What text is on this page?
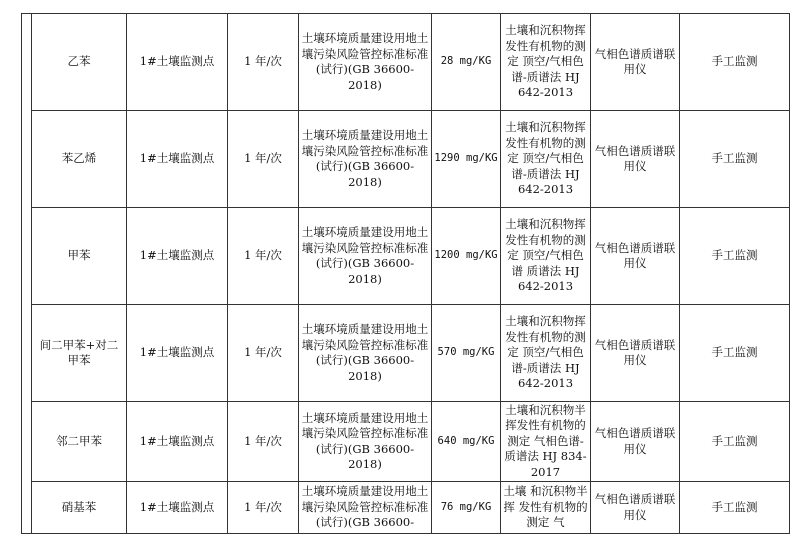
	乙苯	1#土壤监测点	1 年/次	土壤环境质量建设用地土壤污染风险管控标准标准(试行)(GB 36600-2018)	28 mg/KG	土壤和沉积物挥发性有机物的测定 顶空/气相色谱-质谱法 HJ 642-2013	气相色谱质谱联用仪	手工监测
	苯乙烯	1#土壤监测点	1 年/次	土壤环境质量建设用地土壤污染风险管控标准标准(试行)(GB 36600-2018)	1290 mg/KG	土壤和沉积物挥发性有机物的测定 顶空/气相色谱-质谱法 HJ 642-2013	气相色谱质谱联用仪	手工监测
	甲苯	1#土壤监测点	1 年/次	土壤环境质量建设用地土壤污染风险管控标准标准(试行)(GB 36600-2018)	1200 mg/KG	土壤和沉积物挥发性有机物的测定 顶空/气相色谱 质谱法 HJ 642-2013	气相色谱质谱联用仪	手工监测
	间二甲苯+对二甲苯	1#土壤监测点	1 年/次	土壤环境质量建设用地土壤污染风险管控标准标准(试行)(GB 36600-2018)	570 mg/KG	土壤和沉积物挥发性有机物的测定 顶空/气相色谱-质谱法 HJ 642-2013	气相色谱质谱联用仪	手工监测
	邻二甲苯	1#土壤监测点	1 年/次	土壤环境质量建设用地土壤污染风险管控标准标准(试行)(GB 36600-2018)	640 mg/KG	土壤和沉积物半挥发性有机物的测定 气相色谱-质谱法 HJ 834-2017	气相色谱质谱联用仪	手工监测
	硝基苯	1#土壤监测点	1 年/次	土壤环境质量建设用地土壤污染风险管控标准标准(试行)(GB 36600-	76 mg/KG	土壤 和沉积物半挥 发性有机物的 测定 气	气相色谱质谱联用仪	手工监测
